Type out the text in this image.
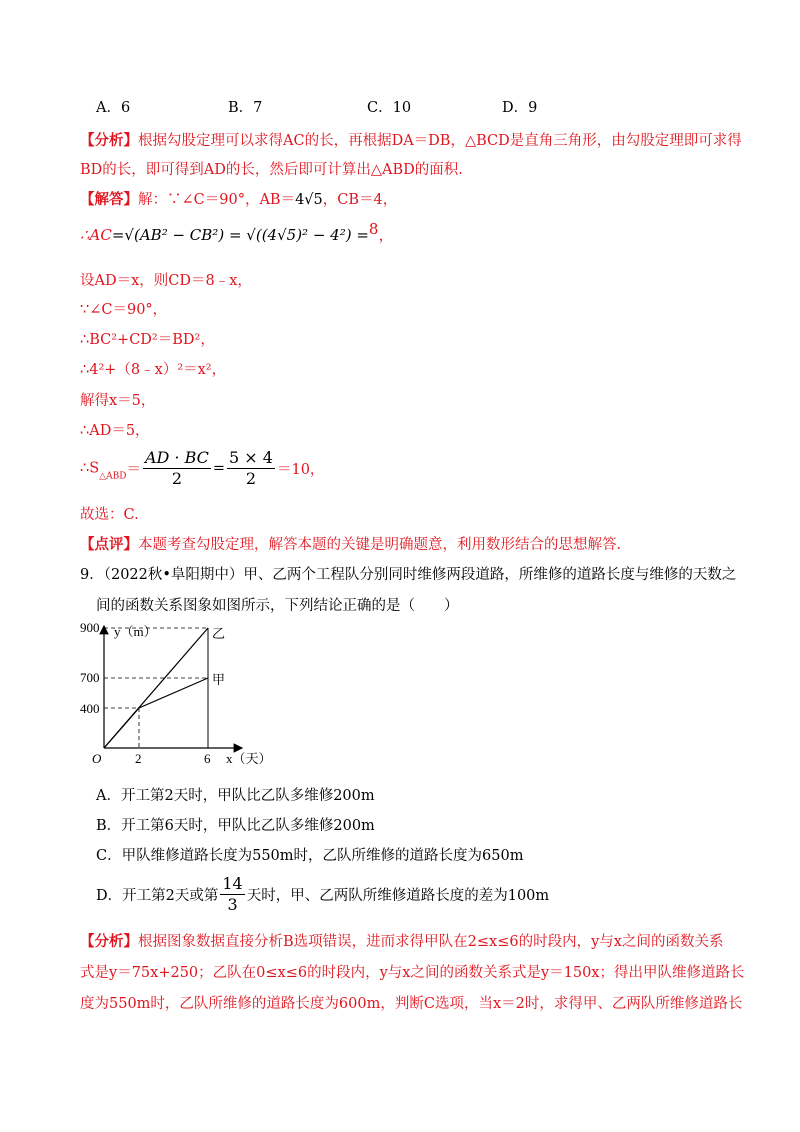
A．6	B．7	C．10	D．9
【分析】根据勾股定理可以求得AC的长，再根据DA＝DB，△BCD是直角三角形，由勾股定理即可求得
BD的长，即可得到AD的长，然后即可计算出△ABD的面积.
【解答】解：∵∠C＝90°，AB＝4√5，CB＝4，
∴AC=√(AB² − CB²) = √((4√5)² − 4²) =8，
设AD＝x，则CD＝8﹣x，
∵∠C＝90°，
∴BC²+CD²＝BD²，
∴4²+（8﹣x）²＝x²，
解得x＝5，
∴AD＝5，
$\therefore S_{\triangle ABD}= \frac{AD \cdot BC}{2} = \frac{5 \times 4}{2} =10$，
故选：C.
【点评】本题考查勾股定理，解答本题的关键是明确题意，利用数形结合的思想解答.
9．（2022秋•阜阳期中）甲、乙两个工程队分别同时维修两段道路，所维修的道路长度与维修的天数之
间的函数关系图象如图所示，下列结论正确的是（　　）
y（m）
900
700
400
O	2	6 x（天）
乙
甲
A．开工第2天时，甲队比乙队多维修200m
B．开工第6天时，甲队比乙队多维修200m
C．甲队维修道路长度为550m时，乙队所维修的道路长度为650m
D．开工第2天或第 $\frac{14}{3}$ 天时，甲、乙两队所维修道路长度的差为100m
【分析】根据图象数据直接分析B选项错误，进而求得甲队在2≤x≤6的时段内，y与x之间的函数关系
式是y＝75x+250；乙队在0≤x≤6的时段内，y与x之间的函数关系式是y＝150x；得出甲队维修道路长
度为550m时，乙队所维修的道路长度为600m，判断C选项，当x＝2时，求得甲、乙两队所维修道路长
